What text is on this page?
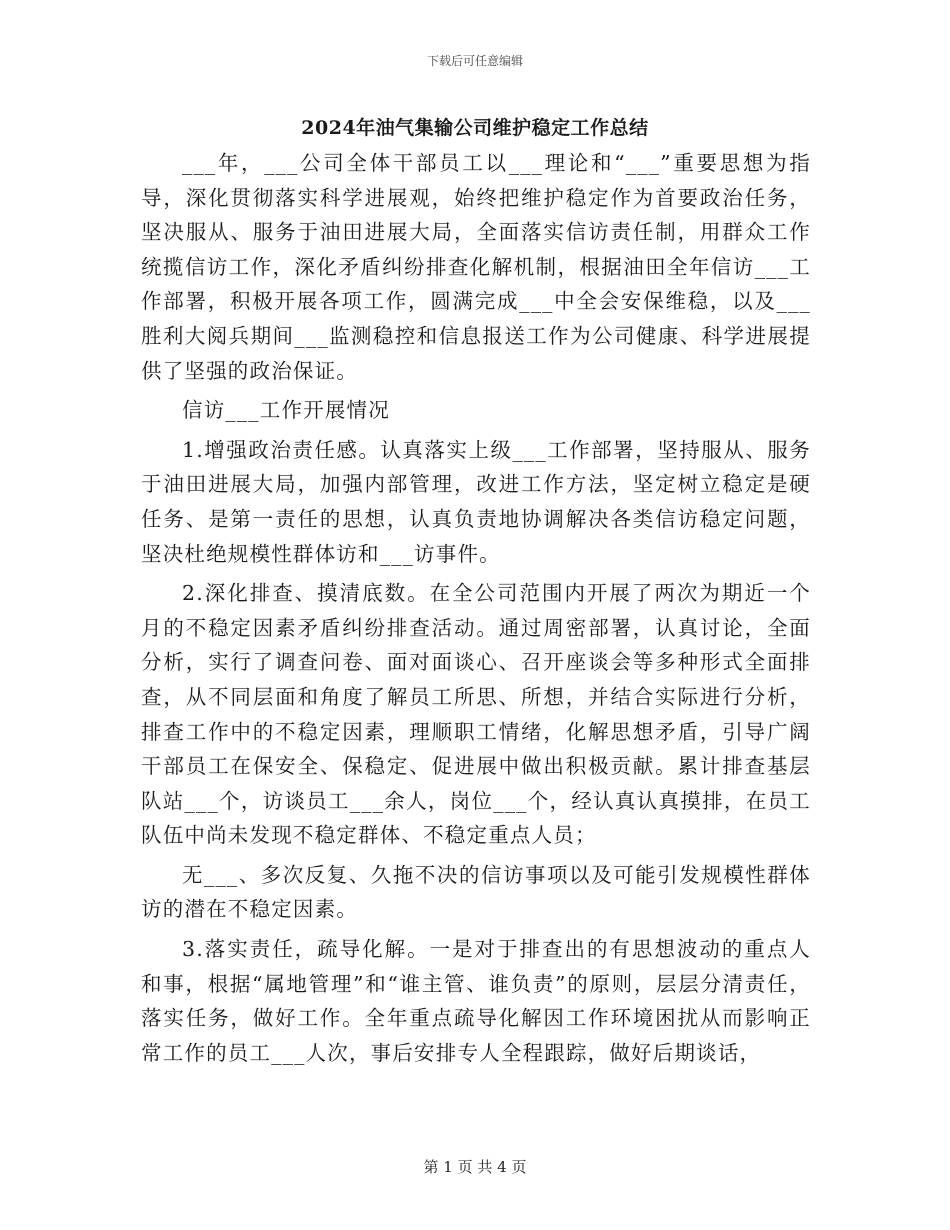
下载后可任意编辑
2024年油气集输公司维护稳定工作总结

___年，___公司全体干部员工以___理论和“___”重要思想为指导，深化贯彻落实科学进展观，始终把维护稳定作为首要政治任务，坚决服从、服务于油田进展大局，全面落实信访责任制，用群众工作统揽信访工作，深化矛盾纠纷排查化解机制，根据油田全年信访___工作部署，积极开展各项工作，圆满完成___中全会安保维稳，以及___胜利大阅兵期间___监测稳控和信息报送工作为公司健康、科学进展提供了坚强的政治保证。

信访___工作开展情况

1.增强政治责任感。认真落实上级___工作部署，坚持服从、服务于油田进展大局，加强内部管理，改进工作方法，坚定树立稳定是硬任务、是第一责任的思想，认真负责地协调解决各类信访稳定问题，坚决杜绝规模性群体访和___访事件。

2.深化排查、摸清底数。在全公司范围内开展了两次为期近一个月的不稳定因素矛盾纠纷排查活动。通过周密部署，认真讨论，全面分析，实行了调查问卷、面对面谈心、召开座谈会等多种形式全面排查，从不同层面和角度了解员工所思、所想，并结合实际进行分析，排查工作中的不稳定因素，理顺职工情绪，化解思想矛盾，引导广阔干部员工在保安全、保稳定、促进展中做出积极贡献。累计排查基层队站___个，访谈员工___余人，岗位___个，经认真认真摸排，在员工队伍中尚未发现不稳定群体、不稳定重点人员；

无___、多次反复、久拖不决的信访事项以及可能引发规模性群体访的潜在不稳定因素。

3.落实责任，疏导化解。一是对于排查出的有思想波动的重点人和事，根据“属地管理”和“谁主管、谁负责”的原则，层层分清责任，落实任务，做好工作。全年重点疏导化解因工作环境困扰从而影响正常工作的员工___人次，事后安排专人全程跟踪，做好后期谈话，

第 1 页 共 4 页
